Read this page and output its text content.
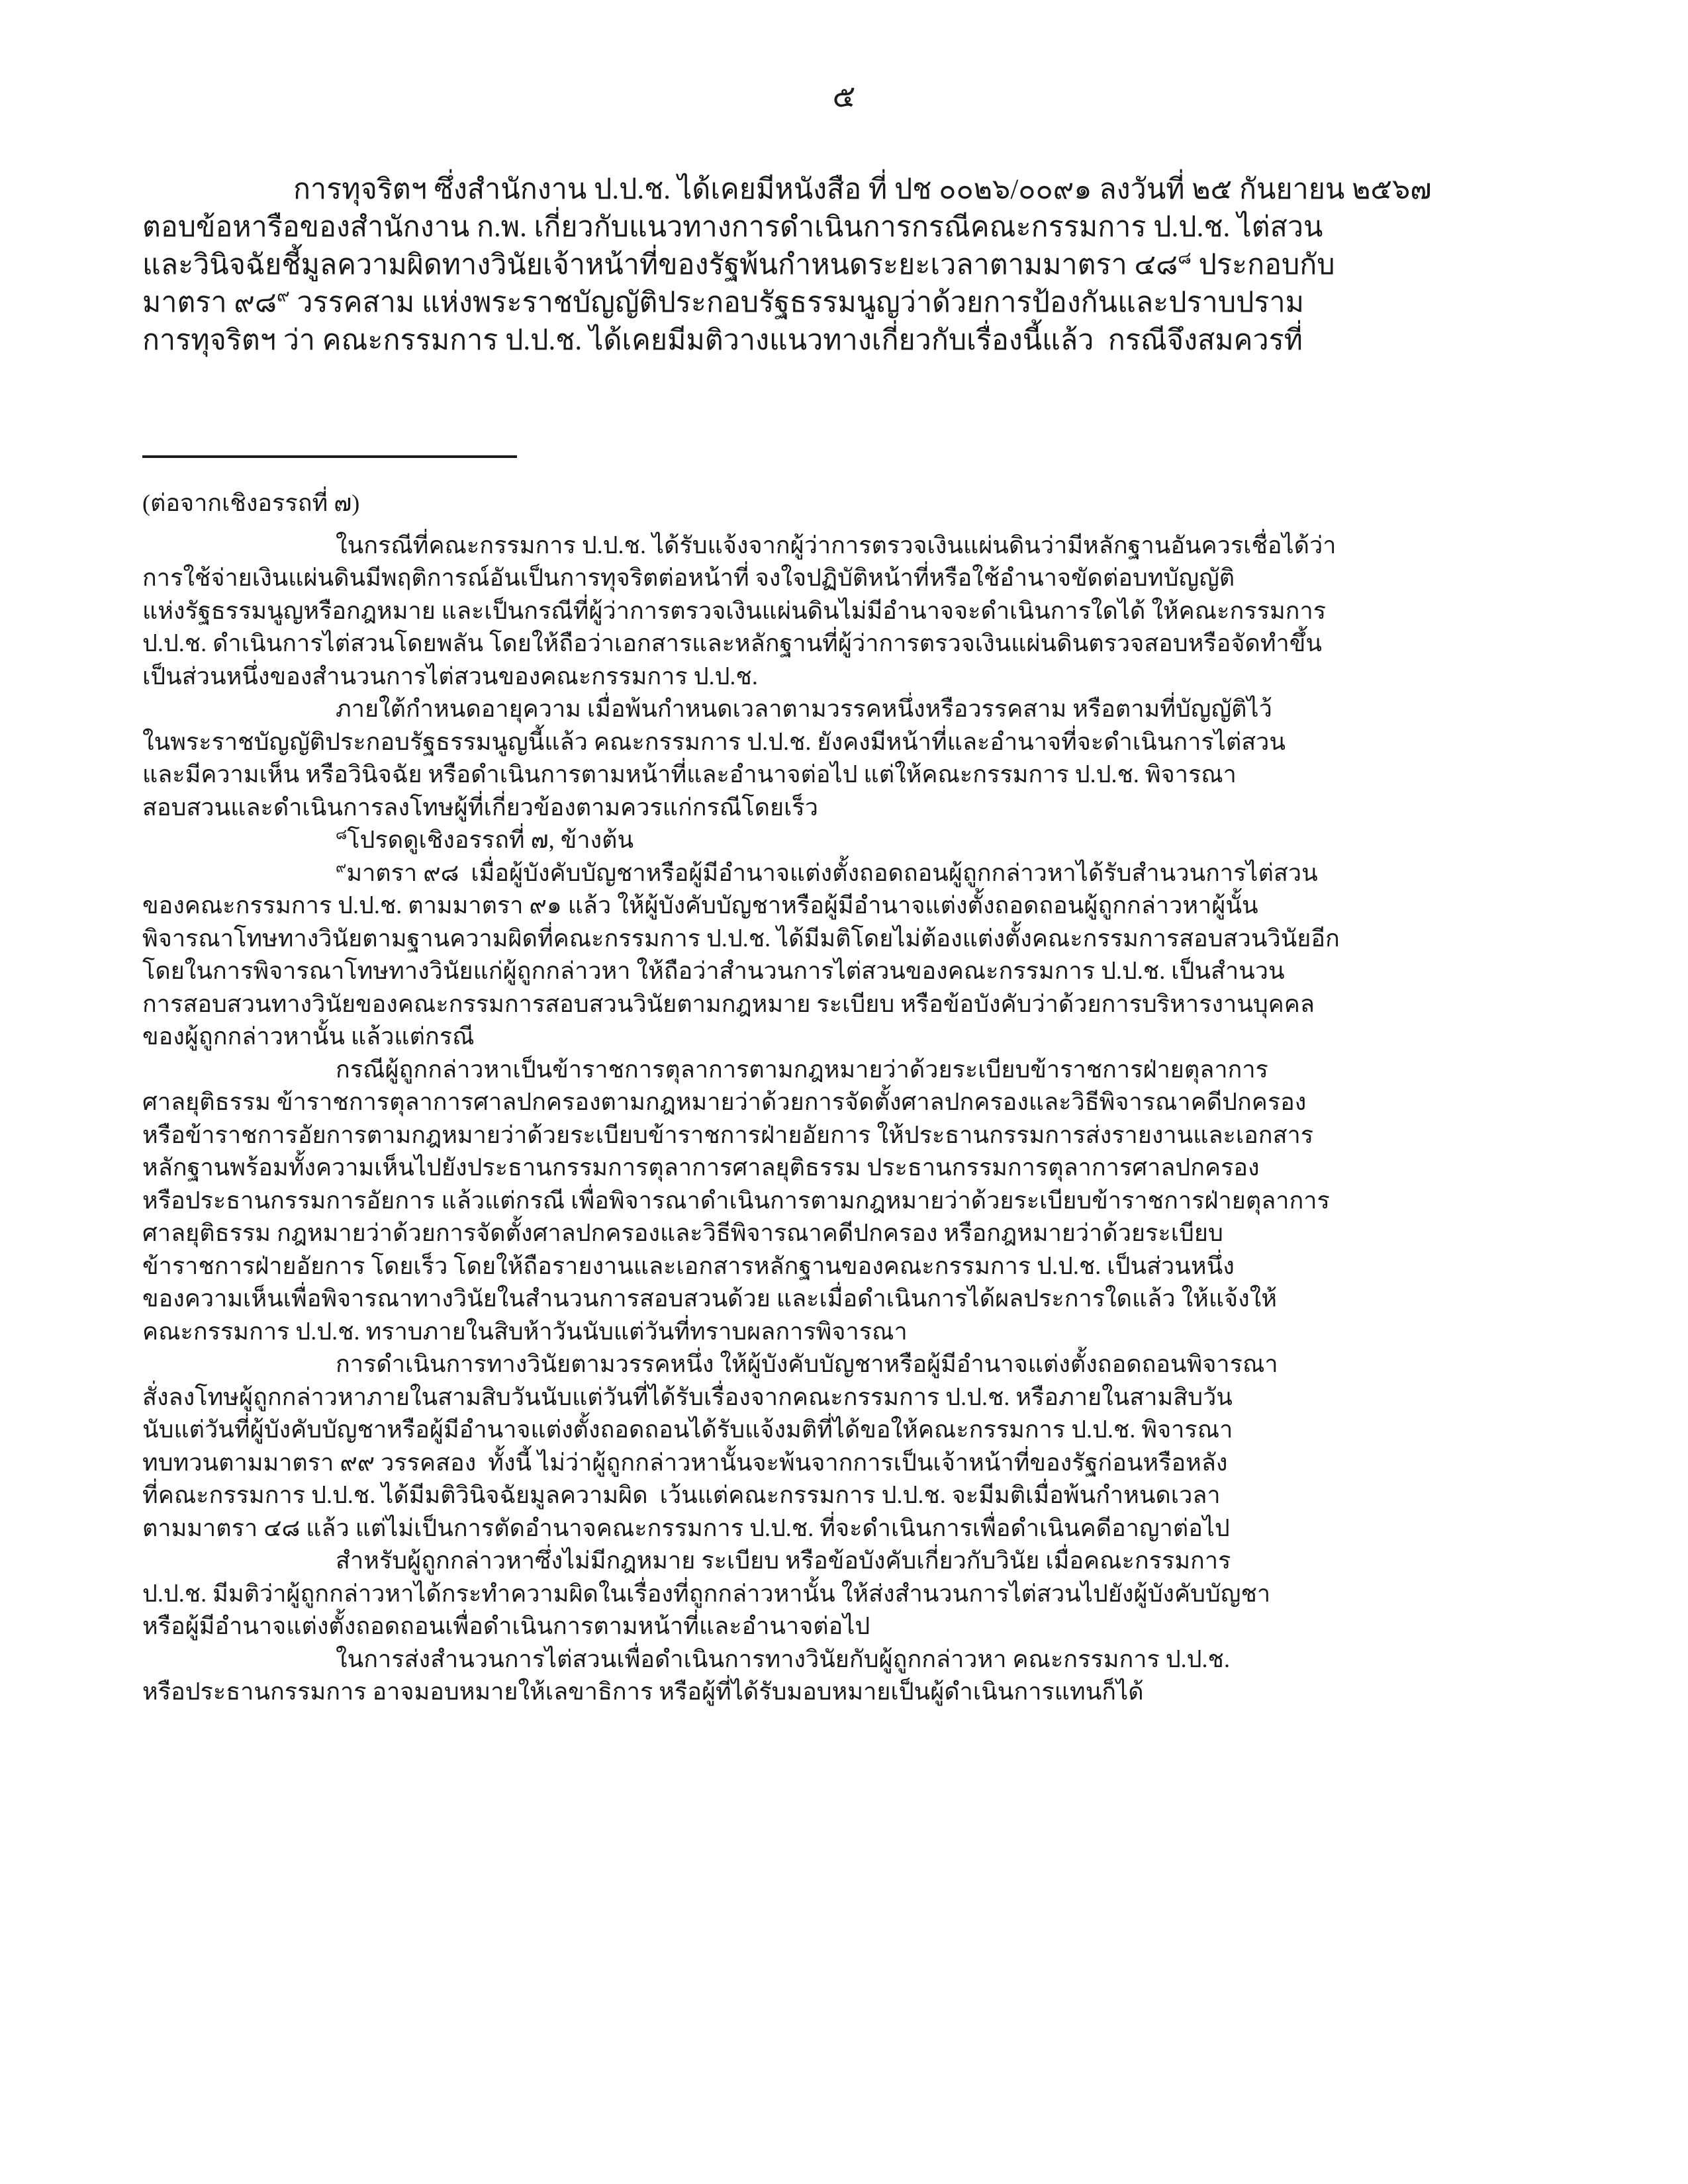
๕
การทุจริตฯ ซึ่งสำนักงาน ป.ป.ช. ได้เคยมีหนังสือ ที่ ปช ๐๐๒๖/๐๐๙๑ ลงวันที่ ๒๕ กันยายน ๒๕๖๗
ตอบข้อหารือของสำนักงาน ก.พ. เกี่ยวกับแนวทางการดำเนินการกรณีคณะกรรมการ ป.ป.ช. ไต่สวน
และวินิจฉัยชี้มูลความผิดทางวินัยเจ้าหน้าที่ของรัฐพ้นกำหนดระยะเวลาตามมาตรา ๔๘$^๘$ ประกอบกับ
มาตรา ๙๘$^๙$ วรรคสาม แห่งพระราชบัญญัติประกอบรัฐธรรมนูญว่าด้วยการป้องกันและปราบปราม
การทุจริตฯ ว่า คณะกรรมการ ป.ป.ช. ได้เคยมีมติวางแนวทางเกี่ยวกับเรื่องนี้แล้ว  กรณีจึงสมควรที่
(ต่อจากเชิงอรรถที่ ๗)
ในกรณีที่คณะกรรมการ ป.ป.ช. ได้รับแจ้งจากผู้ว่าการตรวจเงินแผ่นดินว่ามีหลักฐานอันควรเชื่อได้ว่า
การใช้จ่ายเงินแผ่นดินมีพฤติการณ์อันเป็นการทุจริตต่อหน้าที่ จงใจปฏิบัติหน้าที่หรือใช้อำนาจขัดต่อบทบัญญัติ
แห่งรัฐธรรมนูญหรือกฎหมาย และเป็นกรณีที่ผู้ว่าการตรวจเงินแผ่นดินไม่มีอำนาจจะดำเนินการใดได้ ให้คณะกรรมการ
ป.ป.ช. ดำเนินการไต่สวนโดยพลัน โดยให้ถือว่าเอกสารและหลักฐานที่ผู้ว่าการตรวจเงินแผ่นดินตรวจสอบหรือจัดทำขึ้น
เป็นส่วนหนึ่งของสำนวนการไต่สวนของคณะกรรมการ ป.ป.ช.
ภายใต้กำหนดอายุความ เมื่อพ้นกำหนดเวลาตามวรรคหนึ่งหรือวรรคสาม หรือตามที่บัญญัติไว้
ในพระราชบัญญัติประกอบรัฐธรรมนูญนี้แล้ว คณะกรรมการ ป.ป.ช. ยังคงมีหน้าที่และอำนาจที่จะดำเนินการไต่สวน
และมีความเห็น หรือวินิจฉัย หรือดำเนินการตามหน้าที่และอำนาจต่อไป แต่ให้คณะกรรมการ ป.ป.ช. พิจารณา
สอบสวนและดำเนินการลงโทษผู้ที่เกี่ยวข้องตามควรแก่กรณีโดยเร็ว
$^๘$โปรดดูเชิงอรรถที่ ๗, ข้างต้น
$^๙$มาตรา ๙๘  เมื่อผู้บังคับบัญชาหรือผู้มีอำนาจแต่งตั้งถอดถอนผู้ถูกกล่าวหาได้รับสำนวนการไต่สวน
ของคณะกรรมการ ป.ป.ช. ตามมาตรา ๙๑ แล้ว ให้ผู้บังคับบัญชาหรือผู้มีอำนาจแต่งตั้งถอดถอนผู้ถูกกล่าวหาผู้นั้น
พิจารณาโทษทางวินัยตามฐานความผิดที่คณะกรรมการ ป.ป.ช. ได้มีมติโดยไม่ต้องแต่งตั้งคณะกรรมการสอบสวนวินัยอีก
โดยในการพิจารณาโทษทางวินัยแก่ผู้ถูกกล่าวหา ให้ถือว่าสำนวนการไต่สวนของคณะกรรมการ ป.ป.ช. เป็นสำนวน
การสอบสวนทางวินัยของคณะกรรมการสอบสวนวินัยตามกฎหมาย ระเบียบ หรือข้อบังคับว่าด้วยการบริหารงานบุคคล
ของผู้ถูกกล่าวหานั้น แล้วแต่กรณี
กรณีผู้ถูกกล่าวหาเป็นข้าราชการตุลาการตามกฎหมายว่าด้วยระเบียบข้าราชการฝ่ายตุลาการ
ศาลยุติธรรม ข้าราชการตุลาการศาลปกครองตามกฎหมายว่าด้วยการจัดตั้งศาลปกครองและวิธีพิจารณาคดีปกครอง
หรือข้าราชการอัยการตามกฎหมายว่าด้วยระเบียบข้าราชการฝ่ายอัยการ ให้ประธานกรรมการส่งรายงานและเอกสาร
หลักฐานพร้อมทั้งความเห็นไปยังประธานกรรมการตุลาการศาลยุติธรรม ประธานกรรมการตุลาการศาลปกครอง
หรือประธานกรรมการอัยการ แล้วแต่กรณี เพื่อพิจารณาดำเนินการตามกฎหมายว่าด้วยระเบียบข้าราชการฝ่ายตุลาการ
ศาลยุติธรรม กฎหมายว่าด้วยการจัดตั้งศาลปกครองและวิธีพิจารณาคดีปกครอง หรือกฎหมายว่าด้วยระเบียบ
ข้าราชการฝ่ายอัยการ โดยเร็ว โดยให้ถือรายงานและเอกสารหลักฐานของคณะกรรมการ ป.ป.ช. เป็นส่วนหนึ่ง
ของความเห็นเพื่อพิจารณาทางวินัยในสำนวนการสอบสวนด้วย และเมื่อดำเนินการได้ผลประการใดแล้ว ให้แจ้งให้
คณะกรรมการ ป.ป.ช. ทราบภายในสิบห้าวันนับแต่วันที่ทราบผลการพิจารณา
การดำเนินการทางวินัยตามวรรคหนึ่ง ให้ผู้บังคับบัญชาหรือผู้มีอำนาจแต่งตั้งถอดถอนพิจารณา
สั่งลงโทษผู้ถูกกล่าวหาภายในสามสิบวันนับแต่วันที่ได้รับเรื่องจากคณะกรรมการ ป.ป.ช. หรือภายในสามสิบวัน
นับแต่วันที่ผู้บังคับบัญชาหรือผู้มีอำนาจแต่งตั้งถอดถอนได้รับแจ้งมติที่ได้ขอให้คณะกรรมการ ป.ป.ช. พิจารณา
ทบทวนตามมาตรา ๙๙ วรรคสอง  ทั้งนี้ ไม่ว่าผู้ถูกกล่าวหานั้นจะพ้นจากการเป็นเจ้าหน้าที่ของรัฐก่อนหรือหลัง
ที่คณะกรรมการ ป.ป.ช. ได้มีมติวินิจฉัยมูลความผิด  เว้นแต่คณะกรรมการ ป.ป.ช. จะมีมติเมื่อพ้นกำหนดเวลา
ตามมาตรา ๔๘ แล้ว แต่ไม่เป็นการตัดอำนาจคณะกรรมการ ป.ป.ช. ที่จะดำเนินการเพื่อดำเนินคดีอาญาต่อไป
สำหรับผู้ถูกกล่าวหาซึ่งไม่มีกฎหมาย ระเบียบ หรือข้อบังคับเกี่ยวกับวินัย เมื่อคณะกรรมการ
ป.ป.ช. มีมติว่าผู้ถูกกล่าวหาได้กระทำความผิดในเรื่องที่ถูกกล่าวหานั้น ให้ส่งสำนวนการไต่สวนไปยังผู้บังคับบัญชา
หรือผู้มีอำนาจแต่งตั้งถอดถอนเพื่อดำเนินการตามหน้าที่และอำนาจต่อไป
ในการส่งสำนวนการไต่สวนเพื่อดำเนินการทางวินัยกับผู้ถูกกล่าวหา คณะกรรมการ ป.ป.ช.
หรือประธานกรรมการ อาจมอบหมายให้เลขาธิการ หรือผู้ที่ได้รับมอบหมายเป็นผู้ดำเนินการแทนก็ได้
